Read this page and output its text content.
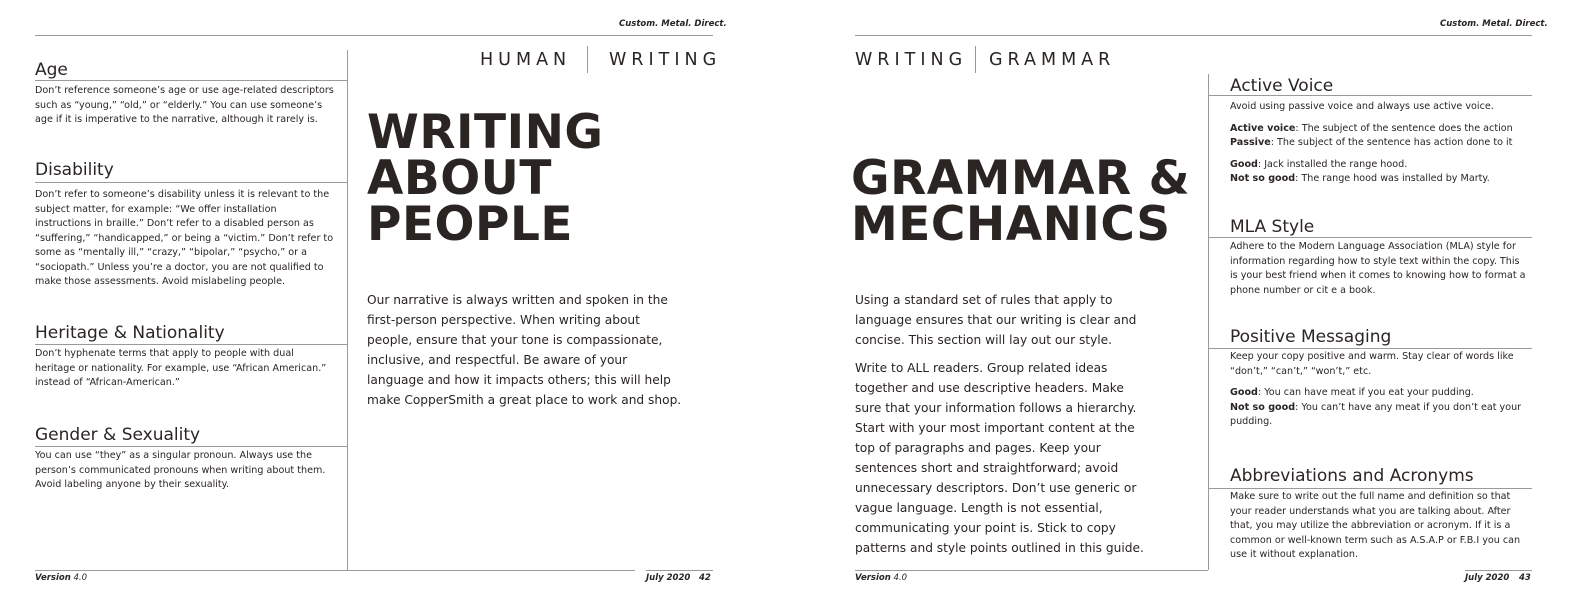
Custom. Metal. Direct.
HUMAN WRITING
Age
Don’t reference someone’s age or use age-related descriptors such as “young,” “old,” or “elderly.” You can use someone’s age if it is imperative to the narrative, although it rarely is.
Disability
Don’t refer to someone’s disability unless it is relevant to the subject matter, for example: “We offer installation instructions in braille.” Don’t refer to a disabled person as “suffering,” “handicapped,” or being a “victim.” Don’t refer to some as “mentally ill,” “crazy,” “bipolar,” “psycho,” or a “sociopath.” Unless you’re a doctor, you are not qualified to make those assessments. Avoid mislabeling people.
Heritage & Nationality
Don’t hyphenate terms that apply to people with dual heritage or nationality. For example, use “African American.” instead of “African-American.”
Gender & Sexuality
You can use “they” as a singular pronoun. Always use the person’s communicated pronouns when writing about them. Avoid labeling anyone by their sexuality.
WRITING
ABOUT
PEOPLE
Our narrative is always written and spoken in the first-person perspective. When writing about people, ensure that your tone is compassionate, inclusive, and respectful. Be aware of your language and how it impacts others; this will help make CopperSmith a great place to work and shop.
Version 4.0	July 2020 42
Custom. Metal. Direct.
WRITING GRAMMAR
GRAMMAR &
MECHANICS

Using a standard set of rules that apply to language ensures that our writing is clear and concise. This section will lay out our style.

Write to ALL readers. Group related ideas together and use descriptive headers. Make sure that your information follows a hierarchy. Start with your most important content at the top of paragraphs and pages. Keep your sentences short and straightforward; avoid unnecessary descriptors. Don’t use generic or vague language. Length is not essential, communicating your point is. Stick to copy patterns and style points outlined in this guide.

Active Voice

Avoid using passive voice and always use active voice.

Active voice: The subject of the sentence does the action

Passive: The subject of the sentence has action done to it

Good: Jack installed the range hood.
Not so good: The range hood was installed by Marty.
MLA Style
Adhere to the Modern Language Association (MLA) style for information regarding how to style text within the copy. This is your best friend when it comes to knowing how to format a phone number or cit e a book.
Positive Messaging

Keep your copy positive and warm. Stay clear of words like “don’t,” “can’t,” “won’t,” etc.

Good: You can have meat if you eat your pudding.
Not so good: You can’t have any meat if you don’t eat your pudding.
Abbreviations and Acronyms
Make sure to write out the full name and definition so that your reader understands what you are talking about. After that, you may utilize the abbreviation or acronym. If it is a common or well-known term such as A.S.A.P or F.B.I you can use it without explanation.
Version 4.0	July 2020 43
